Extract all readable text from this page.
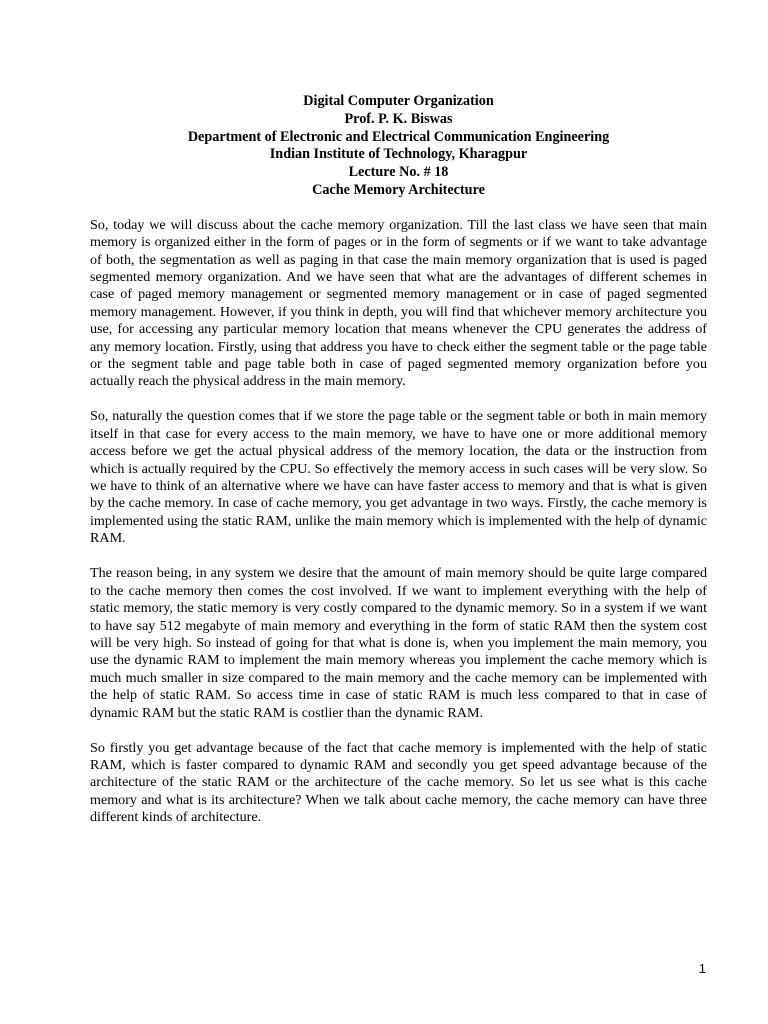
Digital Computer Organization
Prof. P. K. Biswas
Department of Electronic and Electrical Communication Engineering
Indian Institute of Technology, Kharagpur
Lecture No. # 18
Cache Memory Architecture

So, today we will discuss about the cache memory organization. Till the last class we have seen that main memory is organized either in the form of pages or in the form of segments or if we want to take advantage of both, the segmentation as well as paging in that case the main memory organization that is used is paged segmented memory organization. And we have seen that what are the advantages of different schemes in case of paged memory management or segmented memory management or in case of paged segmented memory management. However, if you think in depth, you will find that whichever memory architecture you use, for accessing any particular memory location that means whenever the CPU generates the address of any memory location. Firstly, using that address you have to check either the segment table or the page table or the segment table and page table both in case of paged segmented memory organization before you actually reach the physical address in the main memory.

So, naturally the question comes that if we store the page table or the segment table or both in main memory itself in that case for every access to the main memory, we have to have one or more additional memory access before we get the actual physical address of the memory location, the data or the instruction from which is actually required by the CPU. So effectively the memory access in such cases will be very slow. So we have to think of an alternative where we have can have faster access to memory and that is what is given by the cache memory. In case of cache memory, you get advantage in two ways. Firstly, the cache memory is implemented using the static RAM, unlike the main memory which is implemented with the help of dynamic RAM.

The reason being, in any system we desire that the amount of main memory should be quite large compared to the cache memory then comes the cost involved. If we want to implement everything with the help of static memory, the static memory is very costly compared to the dynamic memory. So in a system if we want to have say 512 megabyte of main memory and everything in the form of static RAM then the system cost will be very high. So instead of going for that what is done is, when you implement the main memory, you use the dynamic RAM to implement the main memory whereas you implement the cache memory which is much much smaller in size compared to the main memory and the cache memory can be implemented with the help of static RAM. So access time in case of static RAM is much less compared to that in case of dynamic RAM but the static RAM is costlier than the dynamic RAM.

So firstly you get advantage because of the fact that cache memory is implemented with the help of static RAM, which is faster compared to dynamic RAM and secondly you get speed advantage because of the architecture of the static RAM or the architecture of the cache memory. So let us see what is this cache memory and what is its architecture? When we talk about cache memory, the cache memory can have three different kinds of architecture.

1
